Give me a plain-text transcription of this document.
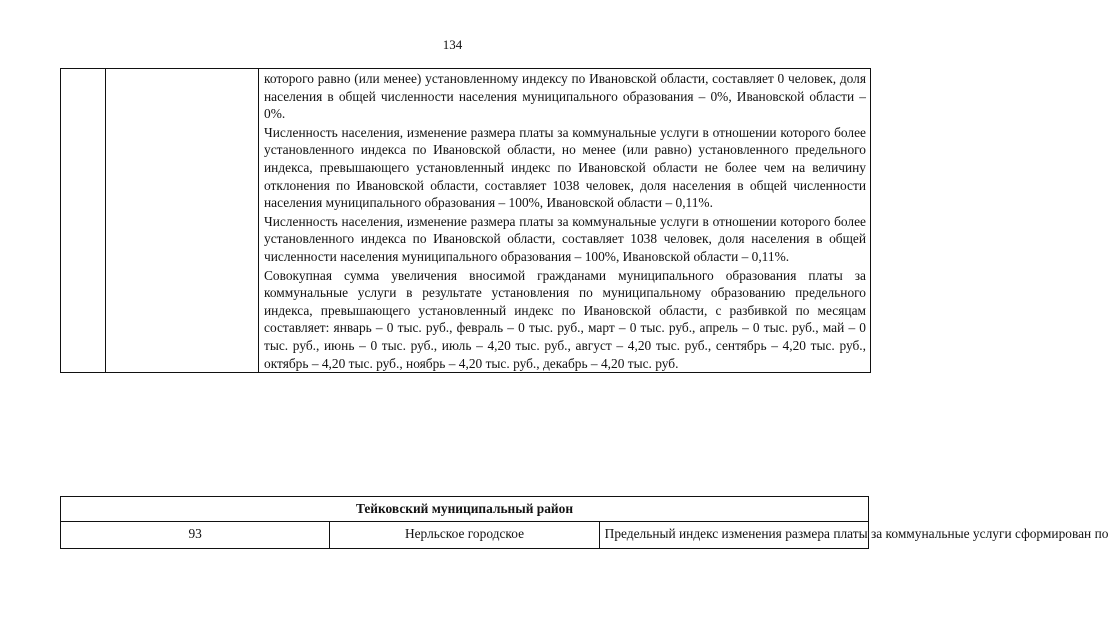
134

которого равно (или менее) установленному индексу по Ивановской области, составляет 0 человек, доля населения в общей численности населения муниципального образования – 0%, Ивановской области – 0%.

Численность населения, изменение размера платы за коммунальные услуги в отношении которого более установленного индекса по Ивановской области, но менее (или равно) установленного предельного индекса, превышающего установленный индекс по Ивановской области не более чем на величину отклонения по Ивановской области, составляет 1038 человек, доля населения в общей численности населения муниципального образования – 100%, Ивановской области – 0,11%.

Численность населения, изменение размера платы за коммунальные услуги в отношении которого более установленного индекса по Ивановской области, составляет 1038 человек, доля населения в общей численности населения муниципального образования – 100%, Ивановской области – 0,11%.

Совокупная сумма увеличения вносимой гражданами муниципального образования платы за коммунальные услуги в результате установления по муниципальному образованию предельного индекса, превышающего установленный индекс по Ивановской области, с разбивкой по месяцам составляет: январь – 0 тыс. руб., февраль – 0 тыс. руб., март – 0 тыс. руб., апрель – 0 тыс. руб., май – 0 тыс. руб., июнь – 0 тыс. руб., июль – 4,20 тыс. руб., август – 4,20 тыс. руб., сентябрь – 4,20 тыс. руб., октябрь – 4,20 тыс. руб., ноябрь – 4,20 тыс. руб., декабрь – 4,20 тыс. руб.

Тейковский муниципальный район
93	Нерльское городское	Предельный индекс изменения размера платы за коммунальные услуги сформирован по
